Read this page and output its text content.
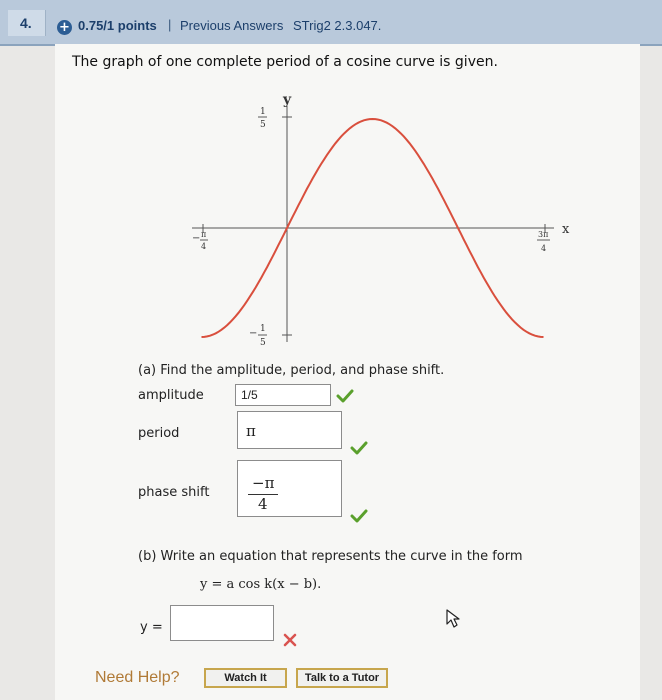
4.	+ 0.75/1 points | Previous Answers STrig2 2.3.047.
The graph of one complete period of a cosine curve is given.
y
x
1
5
− 1
5
− π
4
3π
4
(a) Find the amplitude, period, and phase shift.
amplitude	1/5
period	π
phase shift
−π
4
(b) Write an equation that represents the curve in the form
y = a cos k(x − b).
y =
Need Help?	Watch It	Talk to a Tutor
